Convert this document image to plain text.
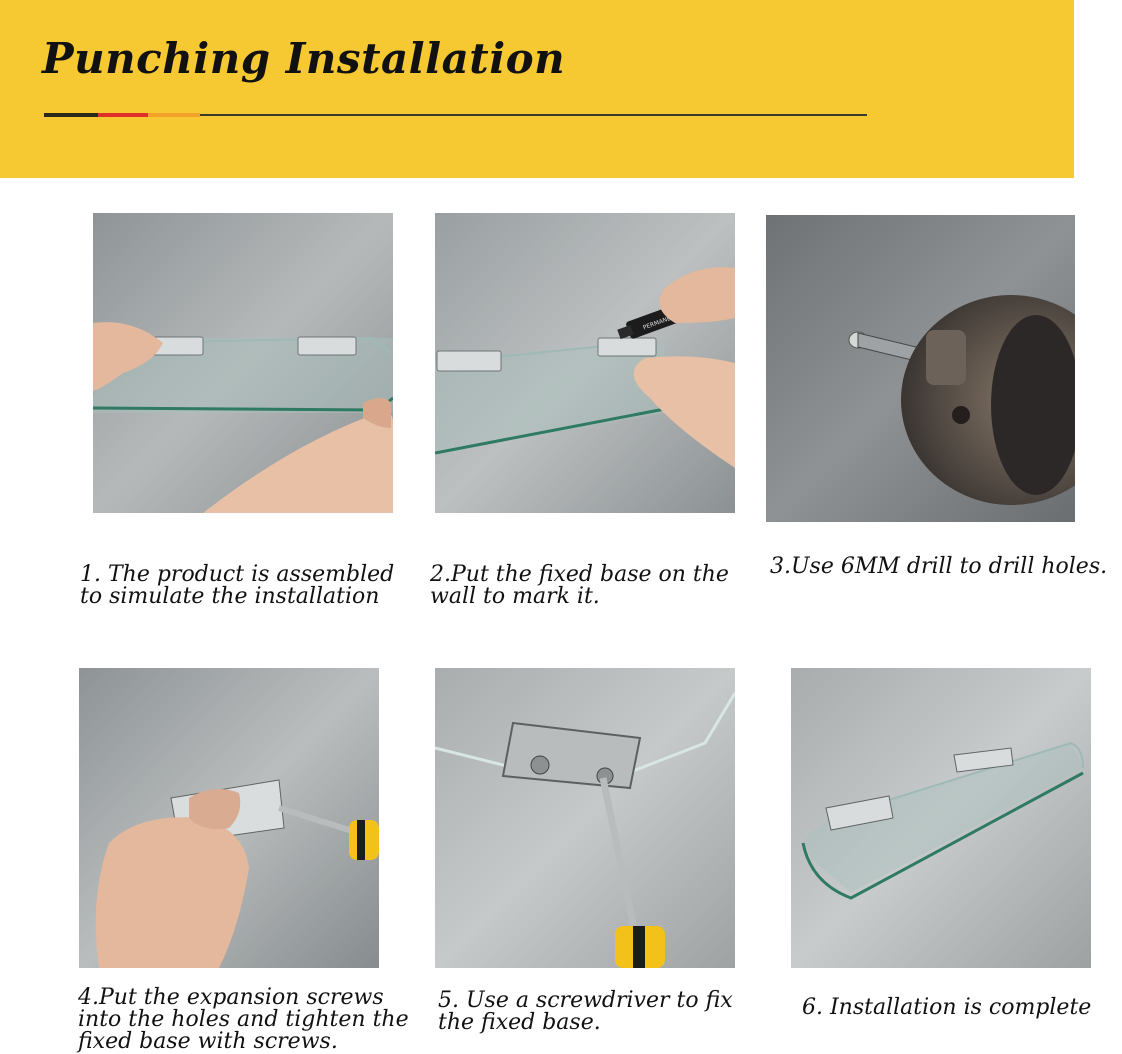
Punching Installation
PERMANENT
1. The product is assembled
to simulate the installation
2.Put the fixed base on the
wall to mark it.
3.Use 6MM drill to drill holes.
4.Put the expansion screws
into the holes and tighten the
fixed base with screws.
5. Use a screwdriver to fix
the fixed base.
6. Installation is complete
